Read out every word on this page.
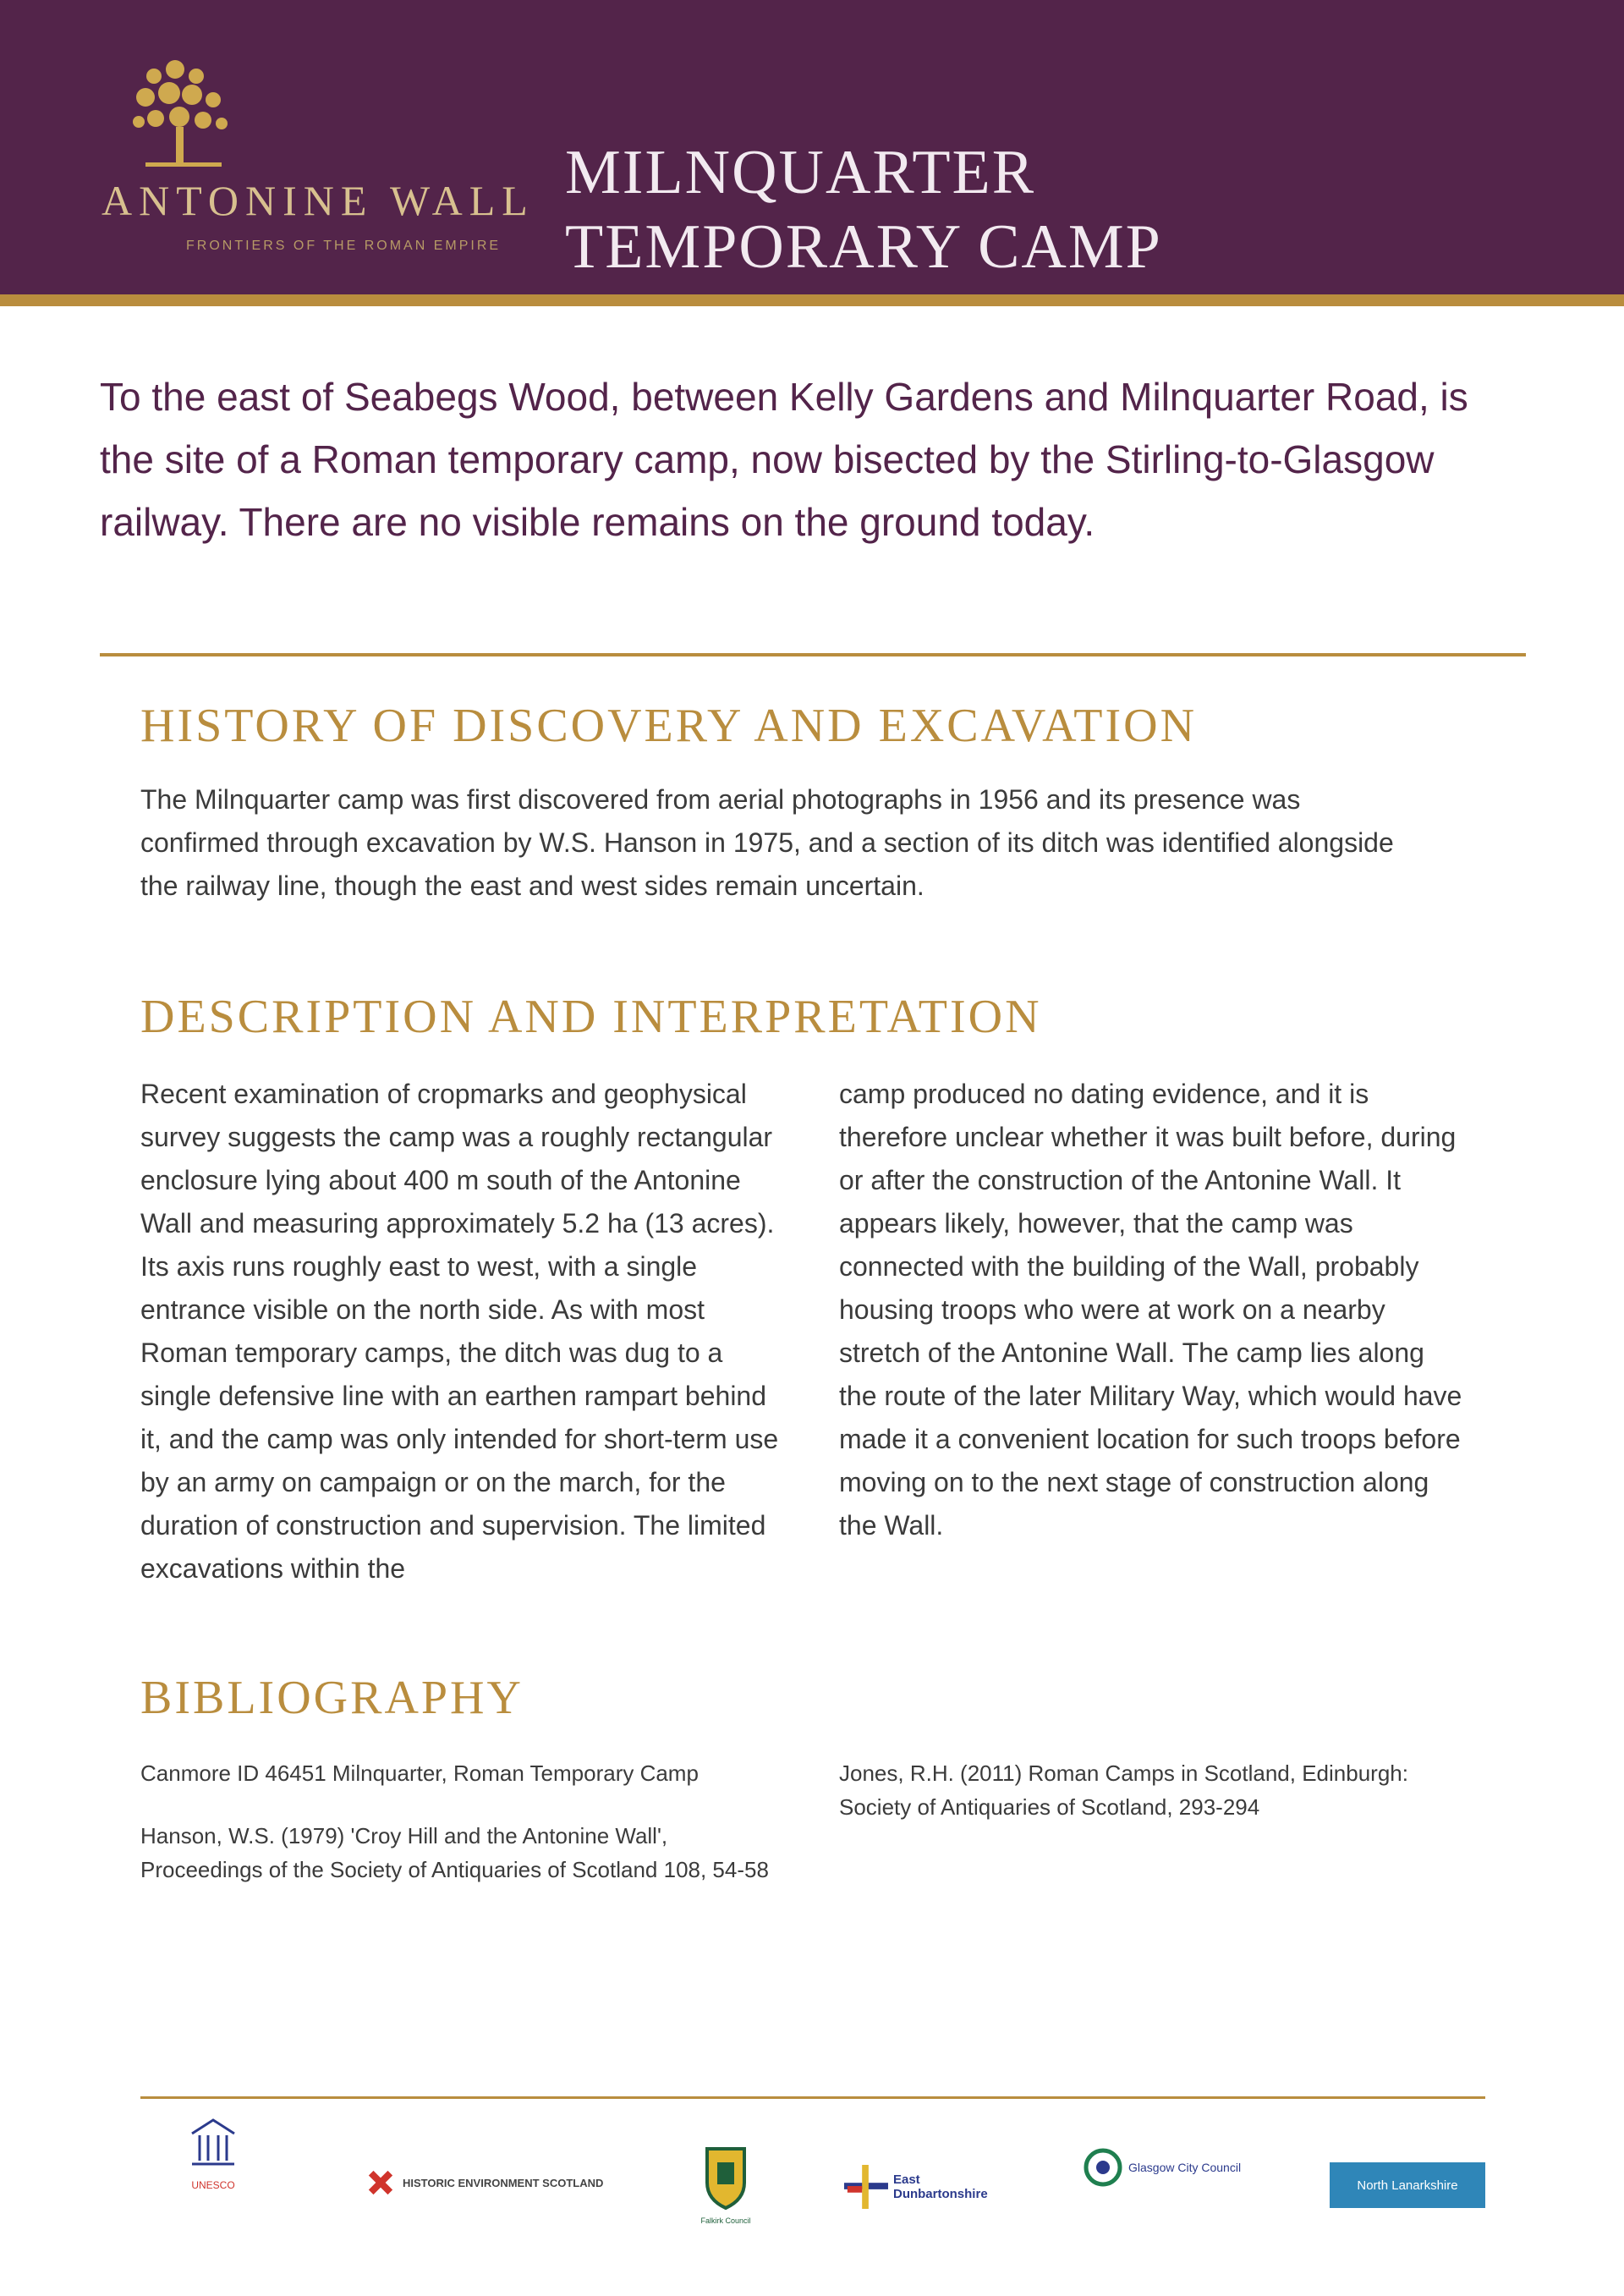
ANTONINE WALL
FRONTIERS OF THE ROMAN EMPIRE
MILNQUARTER
TEMPORARY CAMP
To the east of Seabegs Wood, between Kelly Gardens and Milnquarter Road, is the site of a Roman temporary camp, now bisected by the Stirling-to-Glasgow railway. There are no visible remains on the ground today.
HISTORY OF DISCOVERY AND EXCAVATION
The Milnquarter camp was first discovered from aerial photographs in 1956 and its presence was confirmed through excavation by W.S. Hanson in 1975, and a section of its ditch was identified alongside the railway line, though the east and west sides remain uncertain.
DESCRIPTION AND INTERPRETATION
Recent examination of cropmarks and geophysical survey suggests the camp was a roughly rectangular enclosure lying about 400 m south of the Antonine Wall and measuring approximately 5.2 ha (13 acres). Its axis runs roughly east to west, with a single entrance visible on the north side. As with most Roman temporary camps, the ditch was dug to a single defensive line with an earthen rampart behind it, and the camp was only intended for short-term use by an army on campaign or on the march, for the duration of construction and supervision. The limited excavations within the
camp produced no dating evidence, and it is therefore unclear whether it was built before, during or after the construction of the Antonine Wall. It appears likely, however, that the camp was connected with the building of the Wall, probably housing troops who were at work on a nearby stretch of the Antonine Wall. The camp lies along the route of the later Military Way, which would have made it a convenient location for such troops before moving on to the next stage of construction along the Wall.
BIBLIOGRAPHY

Canmore ID 46451 Milnquarter, Roman Temporary Camp

Hanson, W.S. (1979) 'Croy Hill and the Antonine Wall', Proceedings of the Society of Antiquaries of Scotland 108, 54-58

Jones, R.H. (2011) Roman Camps in Scotland, Edinburgh: Society of Antiquaries of Scotland, 293-294

UNESCO	HISTORIC ENVIRONMENT SCOTLAND
Falkirk Council
East Dunbartonshire
Glasgow City Council
North Lanarkshire
